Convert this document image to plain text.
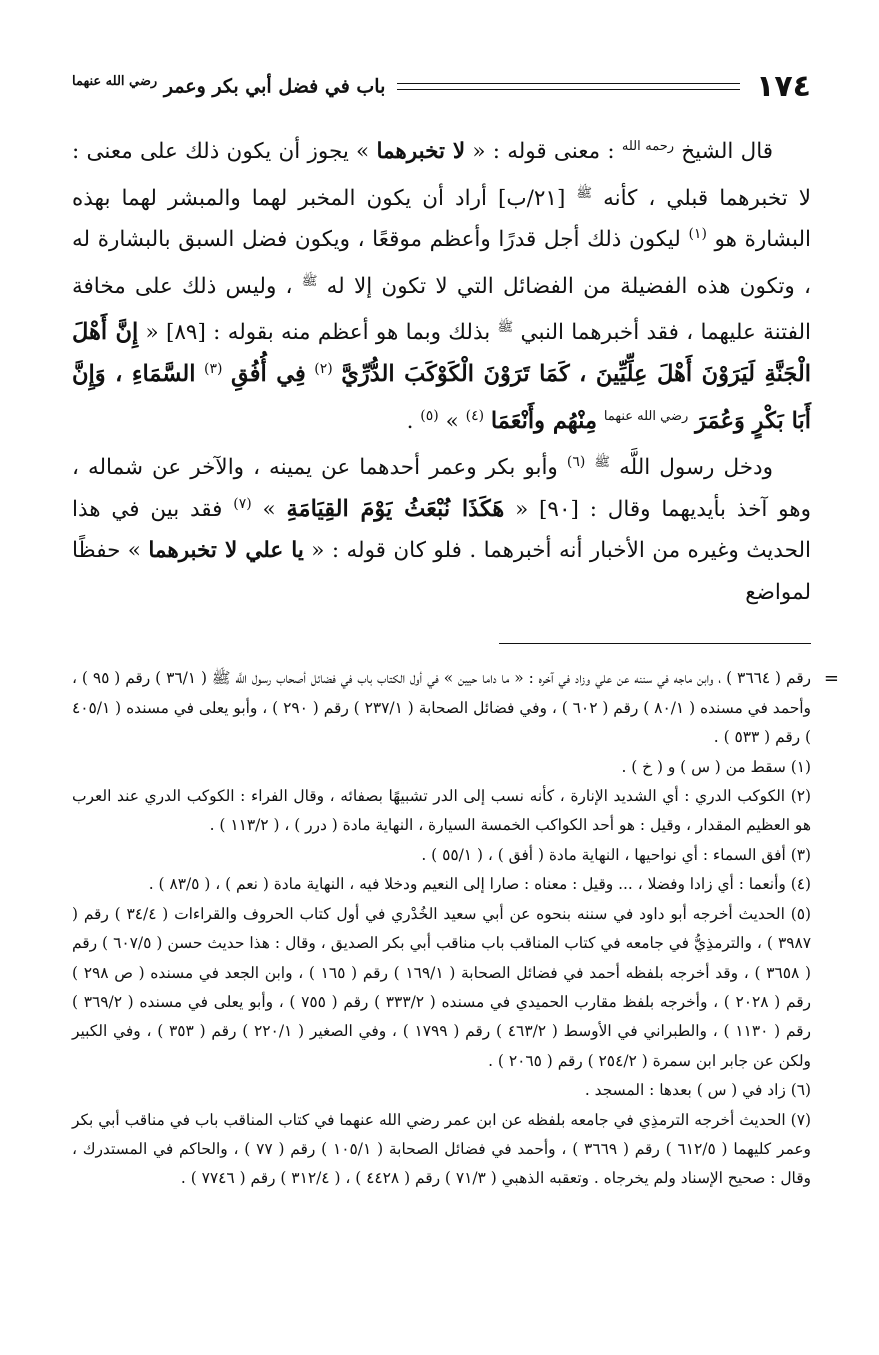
١٧٤
باب في فضل أبي بكر وعمر $^{رضي الله عنهما}$

قال الشيخ $^{رحمه الله}$ : معنى قوله : « لا تخبرهما » يجوز أن يكون ذلك على معنى : لا تخبرهما قبلي ، كأنه $^ﷺ$ [٢١/ب] أراد أن يكون المخبر لهما والمبشر لهما بهذه البشارة هو $^{(١)}$ ليكون ذلك أجل قدرًا وأعظم موقعًا ، ويكون فضل السبق بالبشارة له ، وتكون هذه الفضيلة من الفضائل التي لا تكون إلا له $^ﷺ$ ، وليس ذلك على مخافة الفتنة عليهما ، فقد أخبرهما النبي $^ﷺ$ بذلك وبما هو أعظم منه بقوله : [٨٩] « إِنَّ أَهْلَ الْجَنَّةِ لَيَرَوْنَ أَهْلَ عِلِّيِّينَ ، كَمَا تَرَوْنَ الْكَوْكَبَ الدُّرِّيَّ $^{(٢)}$ فِي أُفُقِ $^{(٣)}$ السَّمَاءِ ، وَإِنَّ أَبَا بَكْرٍ وَعُمَرَ $^{رضي الله عنهما}$ مِنْهُم وأَنْعَمَا $^{(٤)}$ » $^{(٥)}$ .

ودخل رسول اللَّه $^ﷺ$ $^{(٦)}$ وأبو بكر وعمر أحدهما عن يمينه ، والآخر عن شماله ، وهو آخذ بأيديهما وقال : [٩٠] « هَكَذَا نُبْعَثُ يَوْمَ القِيَامَةِ » $^{(٧)}$ فقد بين في هذا الحديث وغيره من الأخبار أنه أخبرهما . فلو كان قوله : « يا علي لا تخبرهما » حفظًا لمواضع

=
رقم ( ٣٦٦٤ ) ، وابن ماجه في سننه عن علي وزاد في آخره : « ما داما حيين » في أول الكتاب باب في فضائل أصحاب رسول اللَّه ﷺ ( ٣٦/١ ) رقم ( ٩٥ ) ، وأحمد في مسنده ( ٨٠/١ ) رقم ( ٦٠٢ ) ، وفي فضائل الصحابة ( ٢٣٧/١ ) رقم ( ٢٩٠ ) ، وأبو يعلى في مسنده ( ٤٠٥/١ ) رقم ( ٥٣٣ ) .

(١) سقط من ( س ) و ( خ ) .

(٢) الكوكب الدري : أي الشديد الإنارة ، كأنه نسب إلى الدر تشبيهًا بصفائه ، وقال الفراء : الكوكب الدري عند العرب هو العظيم المقدار ، وقيل : هو أحد الكواكب الخمسة السيارة ، النهاية مادة ( درر ) ، ( ١١٣/٢ ) .

(٣) أفق السماء : أي نواحيها ، النهاية مادة ( أفق ) ، ( ٥٥/١ ) .

(٤) وأنعما : أي زادا وفضلا ، ... وقيل : معناه : صارا إلى النعيم ودخلا فيه ، النهاية مادة ( نعم ) ، ( ٨٣/٥ ) .

(٥) الحديث أخرجه أبو داود في سننه بنحوه عن أبي سعيد الخُدْري في أول كتاب الحروف والقراءات ( ٣٤/٤ ) رقم ( ٣٩٨٧ ) ، والترمذِيُّ في جامعه في كتاب المناقب باب مناقب أبي بكر الصديق ، وقال : هذا حديث حسن ( ٦٠٧/٥ ) رقم ( ٣٦٥٨ ) ، وقد أخرجه بلفظه أحمد في فضائل الصحابة ( ١٦٩/١ ) رقم ( ١٦٥ ) ، وابن الجعد في مسنده ( ص ٢٩٨ ) رقم ( ٢٠٢٨ ) ، وأخرجه بلفظ مقارب الحميدي في مسنده ( ٣٣٣/٢ ) رقم ( ٧٥٥ ) ، وأبو يعلى في مسنده ( ٣٦٩/٢ ) رقم ( ١١٣٠ ) ، والطبراني في الأوسط ( ٤٦٣/٢ ) رقم ( ١٧٩٩ ) ، وفي الصغير ( ٢٢٠/١ ) رقم ( ٣٥٣ ) ، وفي الكبير ولكن عن جابر ابن سمرة ( ٢٥٤/٢ ) رقم ( ٢٠٦٥ ) .

(٦) زاد في ( س ) بعدها : المسجد .

(٧) الحديث أخرجه الترمذِي في جامعه بلفظه عن ابن عمر رضي الله عنهما في كتاب المناقب باب في مناقب أبي بكر وعمر كليهما ( ٦١٢/٥ ) رقم ( ٣٦٦٩ ) ، وأحمد في فضائل الصحابة ( ١٠٥/١ ) رقم ( ٧٧ ) ، والحاكم في المستدرك ، وقال : صحيح الإسناد ولم يخرجاه . وتعقبه الذهبي ( ٧١/٣ ) رقم ( ٤٤٢٨ ) ، ( ٣١٢/٤ ) رقم ( ٧٧٤٦ ) .
